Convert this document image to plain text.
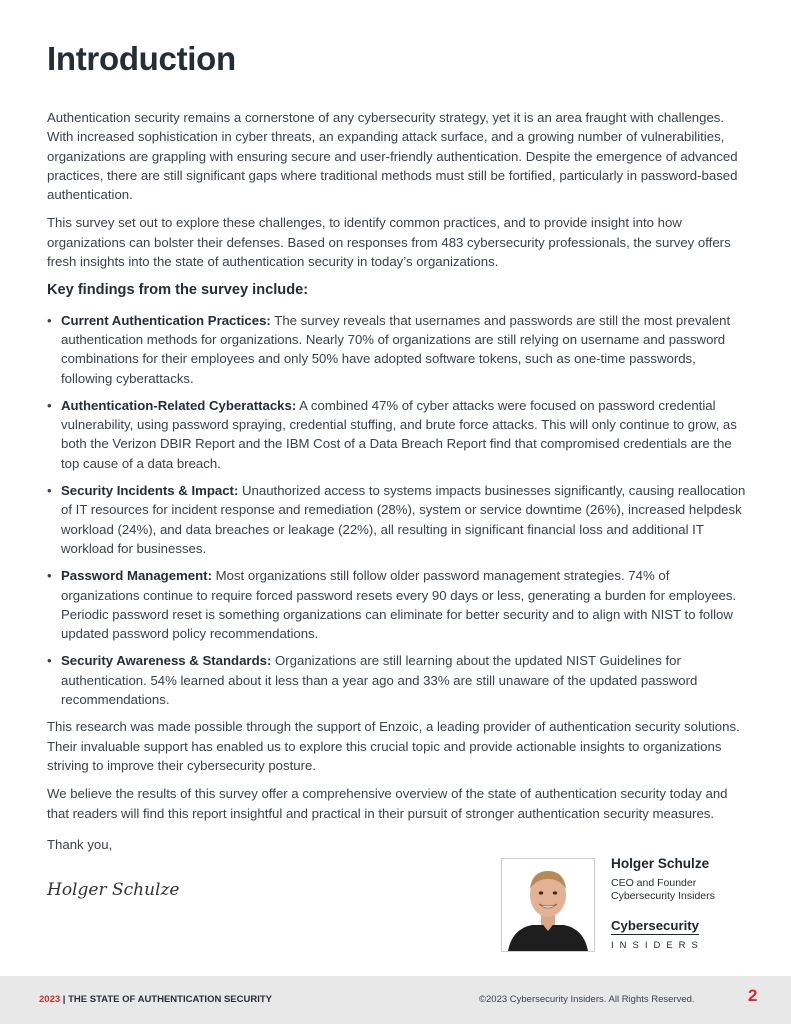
Introduction

Authentication security remains a cornerstone of any cybersecurity strategy, yet it is an area fraught with challenges. With increased sophistication in cyber threats, an expanding attack surface, and a growing number of vulnerabilities, organizations are grappling with ensuring secure and user-friendly authentication. Despite the emergence of advanced practices, there are still significant gaps where traditional methods must still be fortified, particularly in password-based authentication.

This survey set out to explore these challenges, to identify common practices, and to provide insight into how organizations can bolster their defenses. Based on responses from 483 cybersecurity professionals, the survey offers fresh insights into the state of authentication security in today’s organizations.

Key findings from the survey include:
• Current Authentication Practices: The survey reveals that usernames and passwords are still the most prevalent authentication methods for organizations. Nearly 70% of organizations are still relying on username and password combinations for their employees and only 50% have adopted software tokens, such as one-time passwords, following cyberattacks.
• Authentication-Related Cyberattacks: A combined 47% of cyber attacks were focused on password credential vulnerability, using password spraying, credential stuffing, and brute force attacks. This will only continue to grow, as both the Verizon DBIR Report and the IBM Cost of a Data Breach Report find that compromised credentials are the top cause of a data breach.
• Security Incidents & Impact: Unauthorized access to systems impacts businesses significantly, causing reallocation of IT resources for incident response and remediation (28%), system or service downtime (26%), increased helpdesk workload (24%), and data breaches or leakage (22%), all resulting in significant financial loss and additional IT workload for businesses.
• Password Management: Most organizations still follow older password management strategies. 74% of organizations continue to require forced password resets every 90 days or less, generating a burden for employees. Periodic password reset is something organizations can eliminate for better security and to align with NIST to follow updated password policy recommendations.
• Security Awareness & Standards: Organizations are still learning about the updated NIST Guidelines for authentication. 54% learned about it less than a year ago and 33% are still unaware of the updated password recommendations.

This research was made possible through the support of Enzoic, a leading provider of authentication security solutions. Their invaluable support has enabled us to explore this crucial topic and provide actionable insights to organizations striving to improve their cybersecurity posture.

We believe the results of this survey offer a comprehensive overview of the state of authentication security today and that readers will find this report insightful and practical in their pursuit of stronger authentication security measures.

Thank you,

Holger Schulze
Holger Schulze
CEO and Founder
Cybersecurity Insiders
Cybersecurity
INSIDERS
2023 | THE STATE OF AUTHENTICATION SECURITY	©2023 Cybersecurity Insiders. All Rights Reserved.	2
